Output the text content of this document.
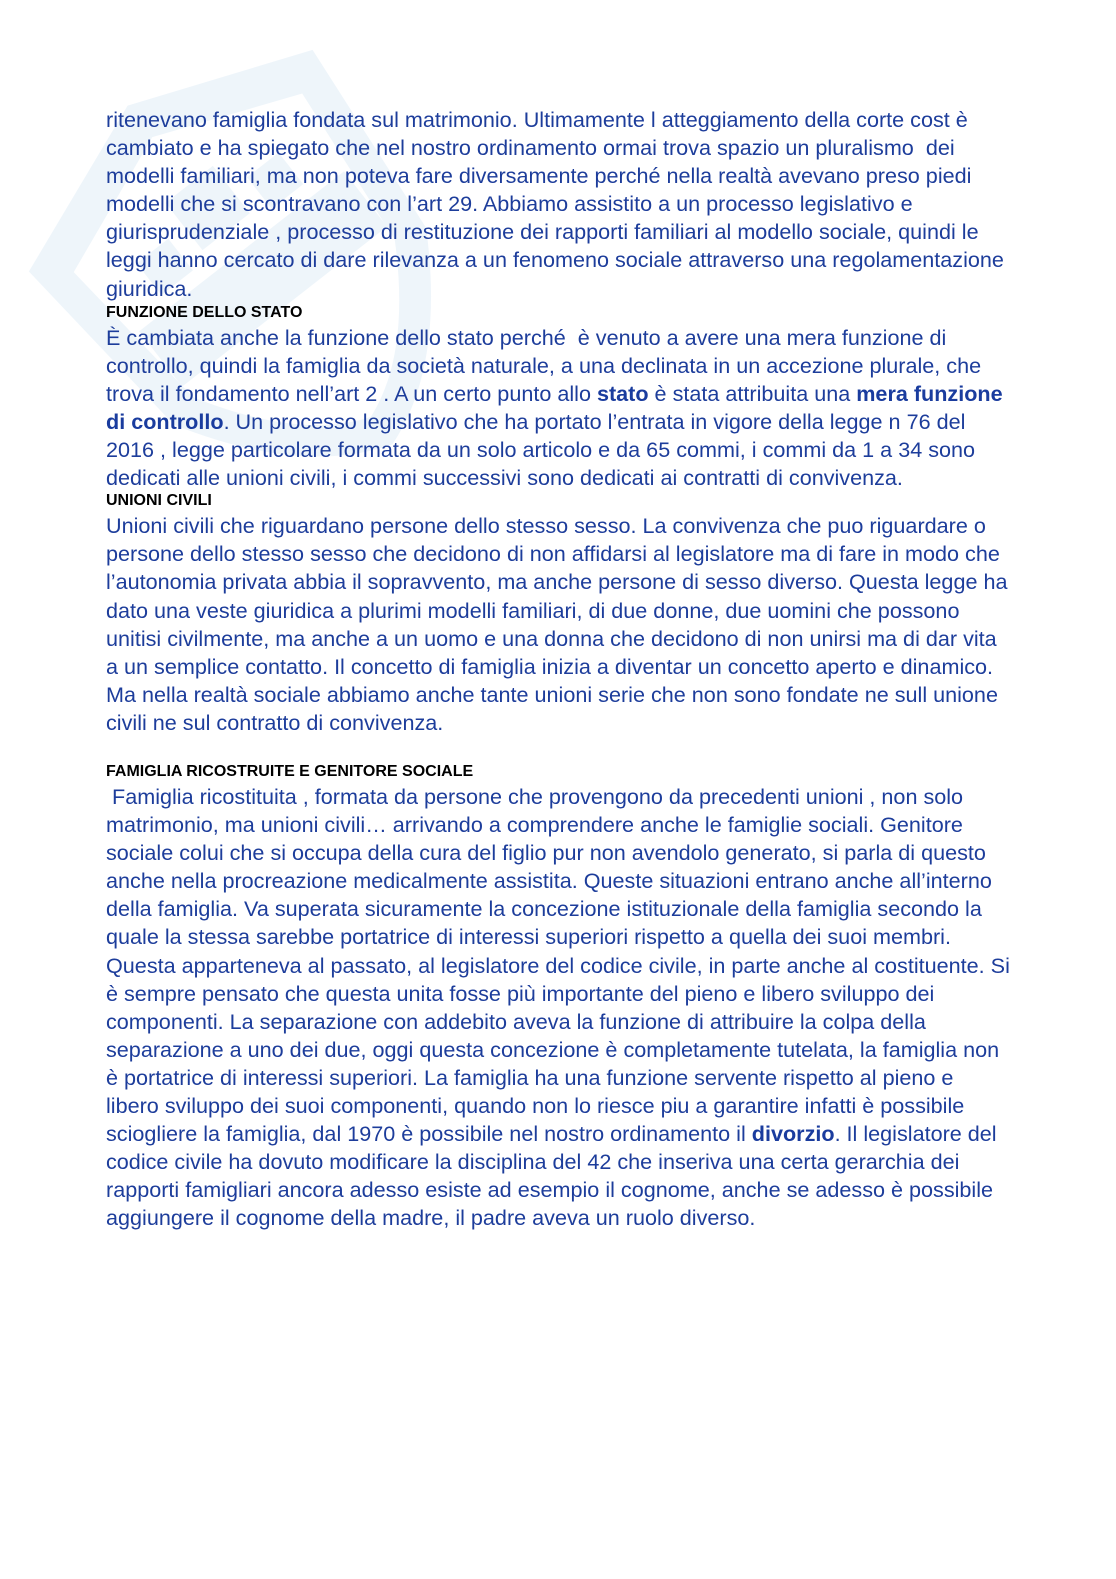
ritenevano famiglia fondata sul matrimonio. Ultimamente l atteggiamento della corte cost è cambiato e ha spiegato che nel nostro ordinamento ormai trova spazio un pluralismo  dei modelli familiari, ma non poteva fare diversamente perché nella realtà avevano preso piedi modelli che si scontravano con l’art 29. Abbiamo assistito a un processo legislativo e giurisprudenziale , processo di restituzione dei rapporti familiari al modello sociale, quindi le leggi hanno cercato di dare rilevanza a un fenomeno sociale attraverso una regolamentazione giuridica.

FUNZIONE DELLO STATO

È cambiata anche la funzione dello stato perché  è venuto a avere una mera funzione di controllo, quindi la famiglia da società naturale, a una declinata in un accezione plurale, che trova il fondamento nell’art 2 . A un certo punto allo stato è stata attribuita una mera funzione di controllo. Un processo legislativo che ha portato l’entrata in vigore della legge n 76 del 2016 , legge particolare formata da un solo articolo e da 65 commi, i commi da 1 a 34 sono dedicati alle unioni civili, i commi successivi sono dedicati ai contratti di convivenza.

UNIONI CIVILI

Unioni civili che riguardano persone dello stesso sesso. La convivenza che puo riguardare o persone dello stesso sesso che decidono di non affidarsi al legislatore ma di fare in modo che l’autonomia privata abbia il sopravvento, ma anche persone di sesso diverso. Questa legge ha dato una veste giuridica a plurimi modelli familiari, di due donne, due uomini che possono unitisi civilmente, ma anche a un uomo e una donna che decidono di non unirsi ma di dar vita a un semplice contatto. Il concetto di famiglia inizia a diventar un concetto aperto e dinamico. Ma nella realtà sociale abbiamo anche tante unioni serie che non sono fondate ne sull unione civili ne sul contratto di convivenza.

FAMIGLIA RICOSTRUITE E GENITORE SOCIALE

Famiglia ricostituita , formata da persone che provengono da precedenti unioni , non solo matrimonio, ma unioni civili… arrivando a comprendere anche le famiglie sociali. Genitore sociale colui che si occupa della cura del figlio pur non avendolo generato, si parla di questo anche nella procreazione medicalmente assistita. Queste situazioni entrano anche all’interno della famiglia. Va superata sicuramente la concezione istituzionale della famiglia secondo la quale la stessa sarebbe portatrice di interessi superiori rispetto a quella dei suoi membri. Questa apparteneva al passato, al legislatore del codice civile, in parte anche al costituente. Si è sempre pensato che questa unita fosse più importante del pieno e libero sviluppo dei componenti. La separazione con addebito aveva la funzione di attribuire la colpa della separazione a uno dei due, oggi questa concezione è completamente tutelata, la famiglia non è portatrice di interessi superiori. La famiglia ha una funzione servente rispetto al pieno e libero sviluppo dei suoi componenti, quando non lo riesce piu a garantire infatti è possibile sciogliere la famiglia, dal 1970 è possibile nel nostro ordinamento il divorzio. Il legislatore del codice civile ha dovuto modificare la disciplina del 42 che inseriva una certa gerarchia dei rapporti famigliari ancora adesso esiste ad esempio il cognome, anche se adesso è possibile aggiungere il cognome della madre, il padre aveva un ruolo diverso.
